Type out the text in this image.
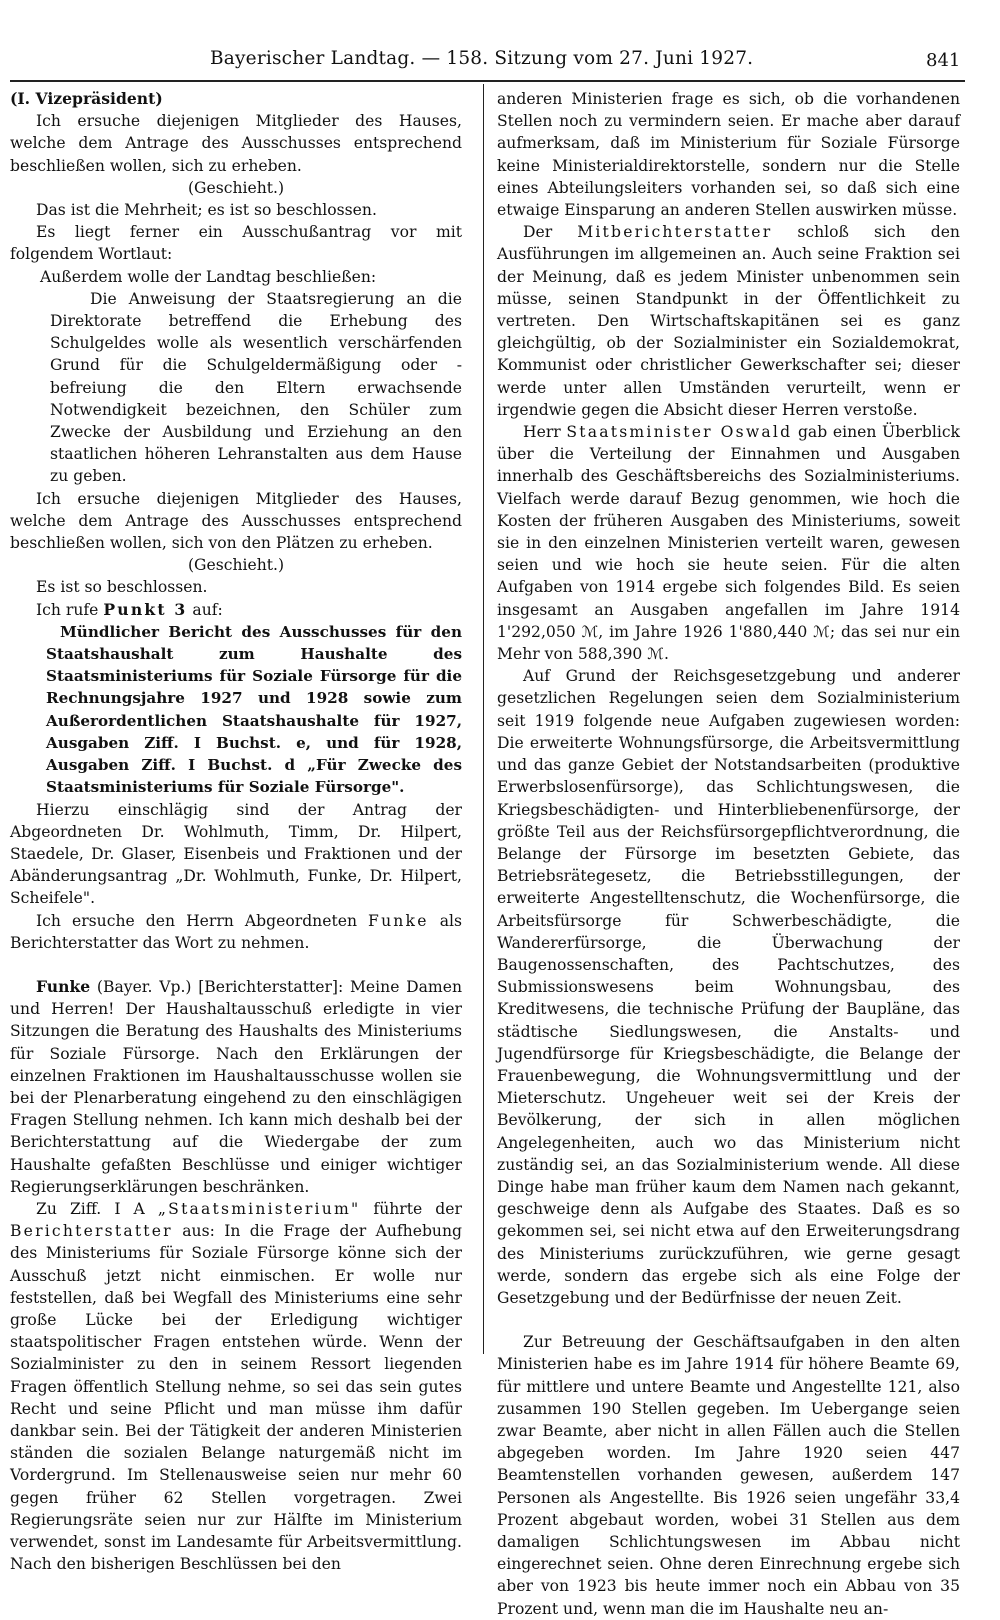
Bayerischer Landtag. — 158. Sitzung vom 27. Juni 1927.	841

(I. Vizepräsident)

Ich ersuche diejenigen Mitglieder des Hauses, welche dem Antrage des Ausschusses entsprechend beschließen wollen, sich zu erheben.

(Geschieht.)

Das ist die Mehrheit; es ist so beschlossen.

Es liegt ferner ein Ausschußantrag vor mit folgendem Wortlaut:

Außerdem wolle der Landtag beschließen:

Die Anweisung der Staatsregierung an die Direktorate betreffend die Erhebung des Schulgeldes wolle als wesentlich verschärfenden Grund für die Schulgeldermäßigung oder -befreiung die den Eltern erwachsende Notwendigkeit bezeichnen, den Schüler zum Zwecke der Ausbildung und Erziehung an den staatlichen höheren Lehranstalten aus dem Hause zu geben.

Ich ersuche diejenigen Mitglieder des Hauses, welche dem Antrage des Ausschusses entsprechend beschließen wollen, sich von den Plätzen zu erheben.

(Geschieht.)

Es ist so beschlossen.

Ich rufe Punkt 3 auf:

Mündlicher Bericht des Ausschusses für den Staatshaushalt zum Haushalte des Staatsministeriums für Soziale Fürsorge für die Rechnungsjahre 1927 und 1928 sowie zum Außerordentlichen Staatshaushalte für 1927, Ausgaben Ziff. I Buchst. e, und für 1928, Ausgaben Ziff. I Buchst. d „Für Zwecke des Staatsministeriums für Soziale Fürsorge".

Hierzu einschlägig sind der Antrag der Abgeordneten Dr. Wohlmuth, Timm, Dr. Hilpert, Staedele, Dr. Glaser, Eisenbeis und Fraktionen und der Abänderungsantrag „Dr. Wohlmuth, Funke, Dr. Hilpert, Scheifele".

Ich ersuche den Herrn Abgeordneten Funke als Berichterstatter das Wort zu nehmen.

Funke (Bayer. Vp.) [Berichterstatter]: Meine Damen und Herren! Der Haushaltausschuß erledigte in vier Sitzungen die Beratung des Haushalts des Ministeriums für Soziale Fürsorge. Nach den Erklärungen der einzelnen Fraktionen im Haushaltausschusse wollen sie bei der Plenarberatung eingehend zu den einschlägigen Fragen Stellung nehmen. Ich kann mich deshalb bei der Berichterstattung auf die Wiedergabe der zum Haushalte gefaßten Beschlüsse und einiger wichtiger Regierungserklärungen beschränken.

Zu Ziff. I A „Staatsministerium" führte der Berichterstatter aus: In die Frage der Aufhebung des Ministeriums für Soziale Fürsorge könne sich der Ausschuß jetzt nicht einmischen. Er wolle nur feststellen, daß bei Wegfall des Ministeriums eine sehr große Lücke bei der Erledigung wichtiger staatspolitischer Fragen entstehen würde. Wenn der Sozialminister zu den in seinem Ressort liegenden Fragen öffentlich Stellung nehme, so sei das sein gutes Recht und seine Pflicht und man müsse ihm dafür dankbar sein. Bei der Tätigkeit der anderen Ministerien ständen die sozialen Belange naturgemäß nicht im Vordergrund. Im Stellenausweise seien nur mehr 60 gegen früher 62 Stellen vorgetragen. Zwei Regierungsräte seien nur zur Hälfte im Ministerium verwendet, sonst im Landesamte für Arbeitsvermittlung. Nach den bisherigen Beschlüssen bei den

anderen Ministerien frage es sich, ob die vorhandenen Stellen noch zu vermindern seien. Er mache aber darauf aufmerksam, daß im Ministerium für Soziale Fürsorge keine Ministerialdirektorstelle, sondern nur die Stelle eines Abteilungsleiters vorhanden sei, so daß sich eine etwaige Einsparung an anderen Stellen auswirken müsse.

Der Mitberichterstatter schloß sich den Ausführungen im allgemeinen an. Auch seine Fraktion sei der Meinung, daß es jedem Minister unbenommen sein müsse, seinen Standpunkt in der Öffentlichkeit zu vertreten. Den Wirtschaftskapitänen sei es ganz gleichgültig, ob der Sozialminister ein Sozialdemokrat, Kommunist oder christlicher Gewerkschafter sei; dieser werde unter allen Umständen verurteilt, wenn er irgendwie gegen die Absicht dieser Herren verstoße.

Herr Staatsminister Oswald gab einen Überblick über die Verteilung der Einnahmen und Ausgaben innerhalb des Geschäftsbereichs des Sozialministeriums. Vielfach werde darauf Bezug genommen, wie hoch die Kosten der früheren Ausgaben des Ministeriums, soweit sie in den einzelnen Ministerien verteilt waren, gewesen seien und wie hoch sie heute seien. Für die alten Aufgaben von 1914 ergebe sich folgendes Bild. Es seien insgesamt an Ausgaben angefallen im Jahre 1914 1'292,050 ℳ, im Jahre 1926 1'880,440 ℳ; das sei nur ein Mehr von 588,390 ℳ.

Auf Grund der Reichsgesetzgebung und anderer gesetzlichen Regelungen seien dem Sozialministerium seit 1919 folgende neue Aufgaben zugewiesen worden: Die erweiterte Wohnungsfürsorge, die Arbeitsvermittlung und das ganze Gebiet der Notstandsarbeiten (produktive Erwerbslosenfürsorge), das Schlichtungswesen, die Kriegsbeschädigten- und Hinterbliebenenfürsorge, der größte Teil aus der Reichsfürsorgepflichtverordnung, die Belange der Fürsorge im besetzten Gebiete, das Betriebsrätegesetz, die Betriebsstillegungen, der erweiterte Angestelltenschutz, die Wochenfürsorge, die Arbeitsfürsorge für Schwerbeschädigte, die Wandererfürsorge, die Überwachung der Baugenossenschaften, des Pachtschutzes, des Submissionswesens beim Wohnungsbau, des Kreditwesens, die technische Prüfung der Baupläne, das städtische Siedlungswesen, die Anstalts- und Jugendfürsorge für Kriegsbeschädigte, die Belange der Frauenbewegung, die Wohnungsvermittlung und der Mieterschutz. Ungeheuer weit sei der Kreis der Bevölkerung, der sich in allen möglichen Angelegenheiten, auch wo das Ministerium nicht zuständig sei, an das Sozialministerium wende. All diese Dinge habe man früher kaum dem Namen nach gekannt, geschweige denn als Aufgabe des Staates. Daß es so gekommen sei, sei nicht etwa auf den Erweiterungsdrang des Ministeriums zurückzuführen, wie gerne gesagt werde, sondern das ergebe sich als eine Folge der Gesetzgebung und der Bedürfnisse der neuen Zeit.

Zur Betreuung der Geschäftsaufgaben in den alten Ministerien habe es im Jahre 1914 für höhere Beamte 69, für mittlere und untere Beamte und Angestellte 121, also zusammen 190 Stellen gegeben. Im Uebergange seien zwar Beamte, aber nicht in allen Fällen auch die Stellen abgegeben worden. Im Jahre 1920 seien 447 Beamtenstellen vorhanden gewesen, außerdem 147 Personen als Angestellte. Bis 1926 seien ungefähr 33,4 Prozent abgebaut worden, wobei 31 Stellen aus dem damaligen Schlichtungswesen im Abbau nicht eingerechnet seien. Ohne deren Einrechnung ergebe sich aber von 1923 bis heute immer noch ein Abbau von 35 Prozent und, wenn man die im Haushalte neu an-
